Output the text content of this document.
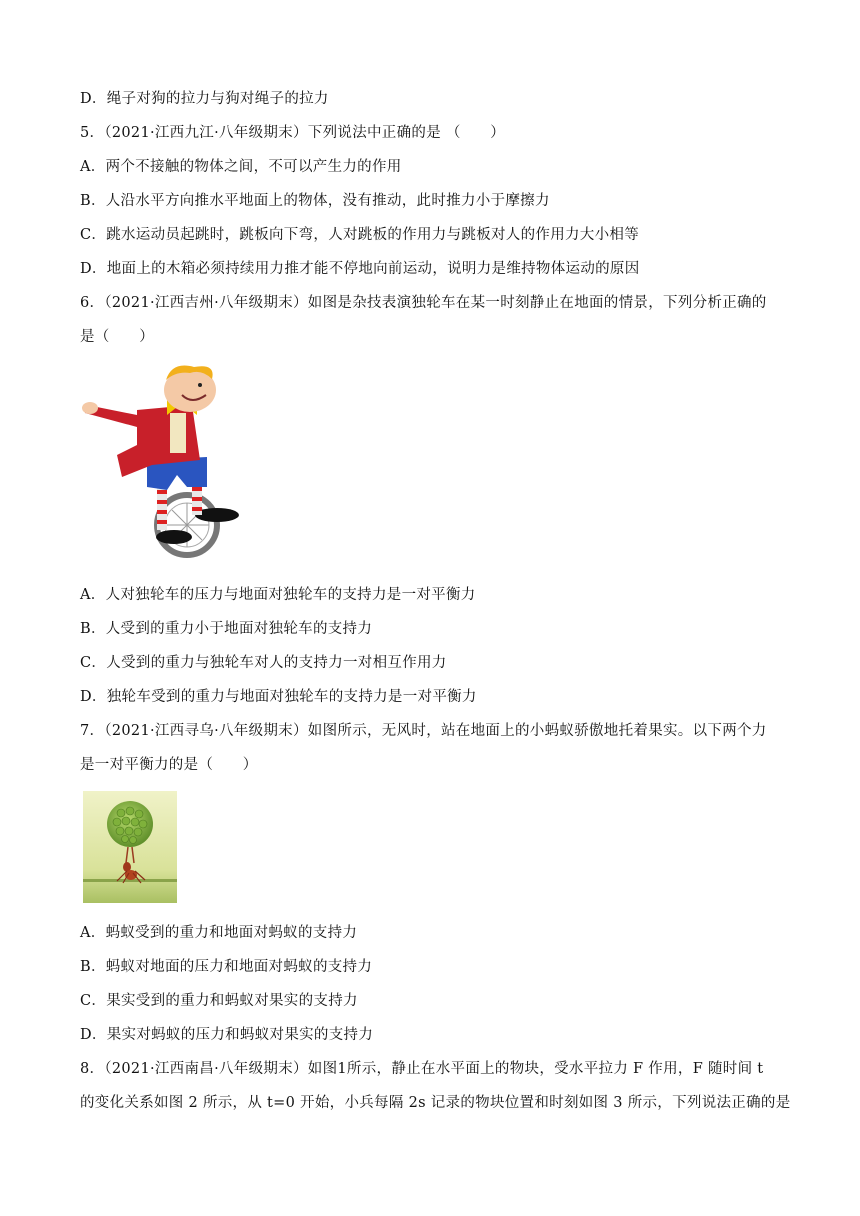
D．绳子对狗的拉力与狗对绳子的拉力
5．（2021·江西九江·八年级期末）下列说法中正确的是 （　　）
A．两个不接触的物体之间，不可以产生力的作用
B．人沿水平方向推水平地面上的物体，没有推动，此时推力小于摩擦力
C．跳水运动员起跳时，跳板向下弯，人对跳板的作用力与跳板对人的作用力大小相等
D．地面上的木箱必须持续用力推才能不停地向前运动，说明力是维持物体运动的原因
6．（2021·江西吉州·八年级期末）如图是杂技表演独轮车在某一时刻静止在地面的情景，下列分析正确的
是（　　）
A．人对独轮车的压力与地面对独轮车的支持力是一对平衡力
B．人受到的重力小于地面对独轮车的支持力
C．人受到的重力与独轮车对人的支持力一对相互作用力
D．独轮车受到的重力与地面对独轮车的支持力是一对平衡力
7．（2021·江西寻乌·八年级期末）如图所示，无风时，站在地面上的小蚂蚁骄傲地托着果实。以下两个力
是一对平衡力的是（　　）
A．蚂蚁受到的重力和地面对蚂蚁的支持力
B．蚂蚁对地面的压力和地面对蚂蚁的支持力
C．果实受到的重力和蚂蚁对果实的支持力
D．果实对蚂蚁的压力和蚂蚁对果实的支持力
8．（2021·江西南昌·八年级期末）如图1所示，静止在水平面上的物块，受水平拉力 F 作用，F 随时间 t
的变化关系如图 2 所示，从 t=0 开始，小兵每隔 2s 记录的物块位置和时刻如图 3 所示，下列说法正确的是
